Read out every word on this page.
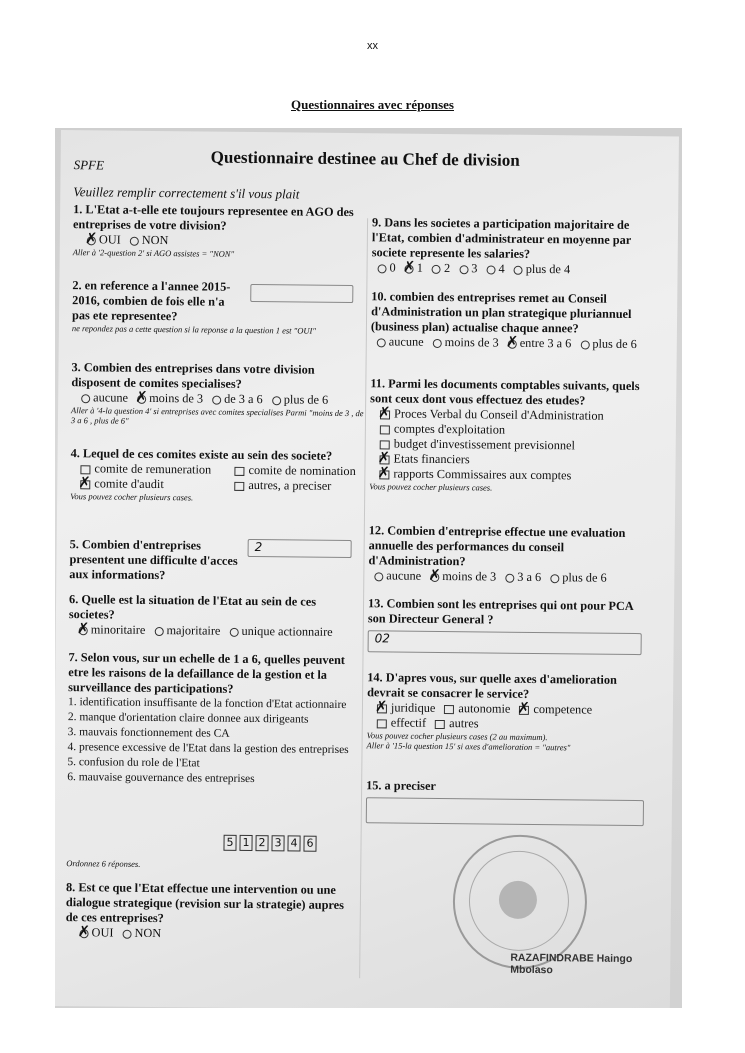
xx
Questionnaires avec réponses
Questionnaire destinee au Chef de division
SPFE
Veuillez remplir correctement s'il vous plait
1. L'Etat a-t-elle ete toujours representee en AGO des entreprises de votre division?
✗OUI NON
Aller à '2-question 2' si AGO assistes = "NON"
2. en reference a l'annee 2015-2016, combien de fois elle n'a pas ete representee?
ne repondez pas a cette question si la reponse a la question 1 est "OUI"
3. Combien des entreprises dans votre division disposent de comites specialises?
aucune ✗ moins de 3 de 3 a 6 plus de 6
Aller à '4-la question 4' si entreprises avec comites specialises Parmi "moins de 3 , de 3 a 6 , plus de 6"
4. Lequel de ces comites existe au sein des societe?
comite de remuneration	comite de nomination
✗comite d'audit	autres, a preciser
Vous pouvez cocher plusieurs cases.
5. Combien d'entreprises presentent une difficulte d'acces aux informations?
2
6. Quelle est la situation de l'Etat au sein de ces societes?
✗minoritaire majoritaire unique actionnaire
7. Selon vous, sur un echelle de 1 a 6, quelles peuvent etre les raisons de la defaillance de la gestion et la surveillance des participations?
1. identification insuffisante de la fonction d'Etat actionnaire
2. manque d'orientation claire donnee aux dirigeants
3. mauvais fonctionnement des CA
4. presence excessive de l'Etat dans la gestion des entreprises
5. confusion du role de l'Etat
6. mauvaise gouvernance des entreprises
5 1 2 3 4 6
Ordonnez 6 réponses.
8. Est ce que l'Etat effectue une intervention ou une dialogue strategique (revision sur la strategie) aupres de ces entreprises?
✗OUI NON
9. Dans les societes a participation majoritaire de l'Etat, combien d'administrateur en moyenne par societe represente les salaries?
0 ✗ 1 2 3 4 plus de 4
10. combien des entreprises remet au Conseil d'Administration un plan strategique pluriannuel (business plan) actualise chaque annee?
aucune moins de 3 ✗ entre 3 a 6 plus de 6
11. Parmi les documents comptables suivants, quels sont ceux dont vous effectuez des etudes?
✗Proces Verbal du Conseil d'Administration
comptes d'exploitation
budget d'investissement previsionnel
✗Etats financiers
✗rapports Commissaires aux comptes
Vous pouvez cocher plusieurs cases.
12. Combien d'entreprise effectue une evaluation annuelle des performances du conseil d'Administration?
aucune ✗ moins de 3 3 a 6 plus de 6
13. Combien sont les entreprises qui ont pour PCA son Directeur General ?
02
14. D'apres vous, sur quelle axes d'amelioration devrait se consacrer le service?
✗juridique autonomie ✗ competence
effectif autres
Vous pouvez cocher plusieurs cases (2 au maximum).
Aller à '15-la question 15' si axes d'amelioration = "autres"
15. a preciser
RAZAFINDRABE Haingo Mbolaso
